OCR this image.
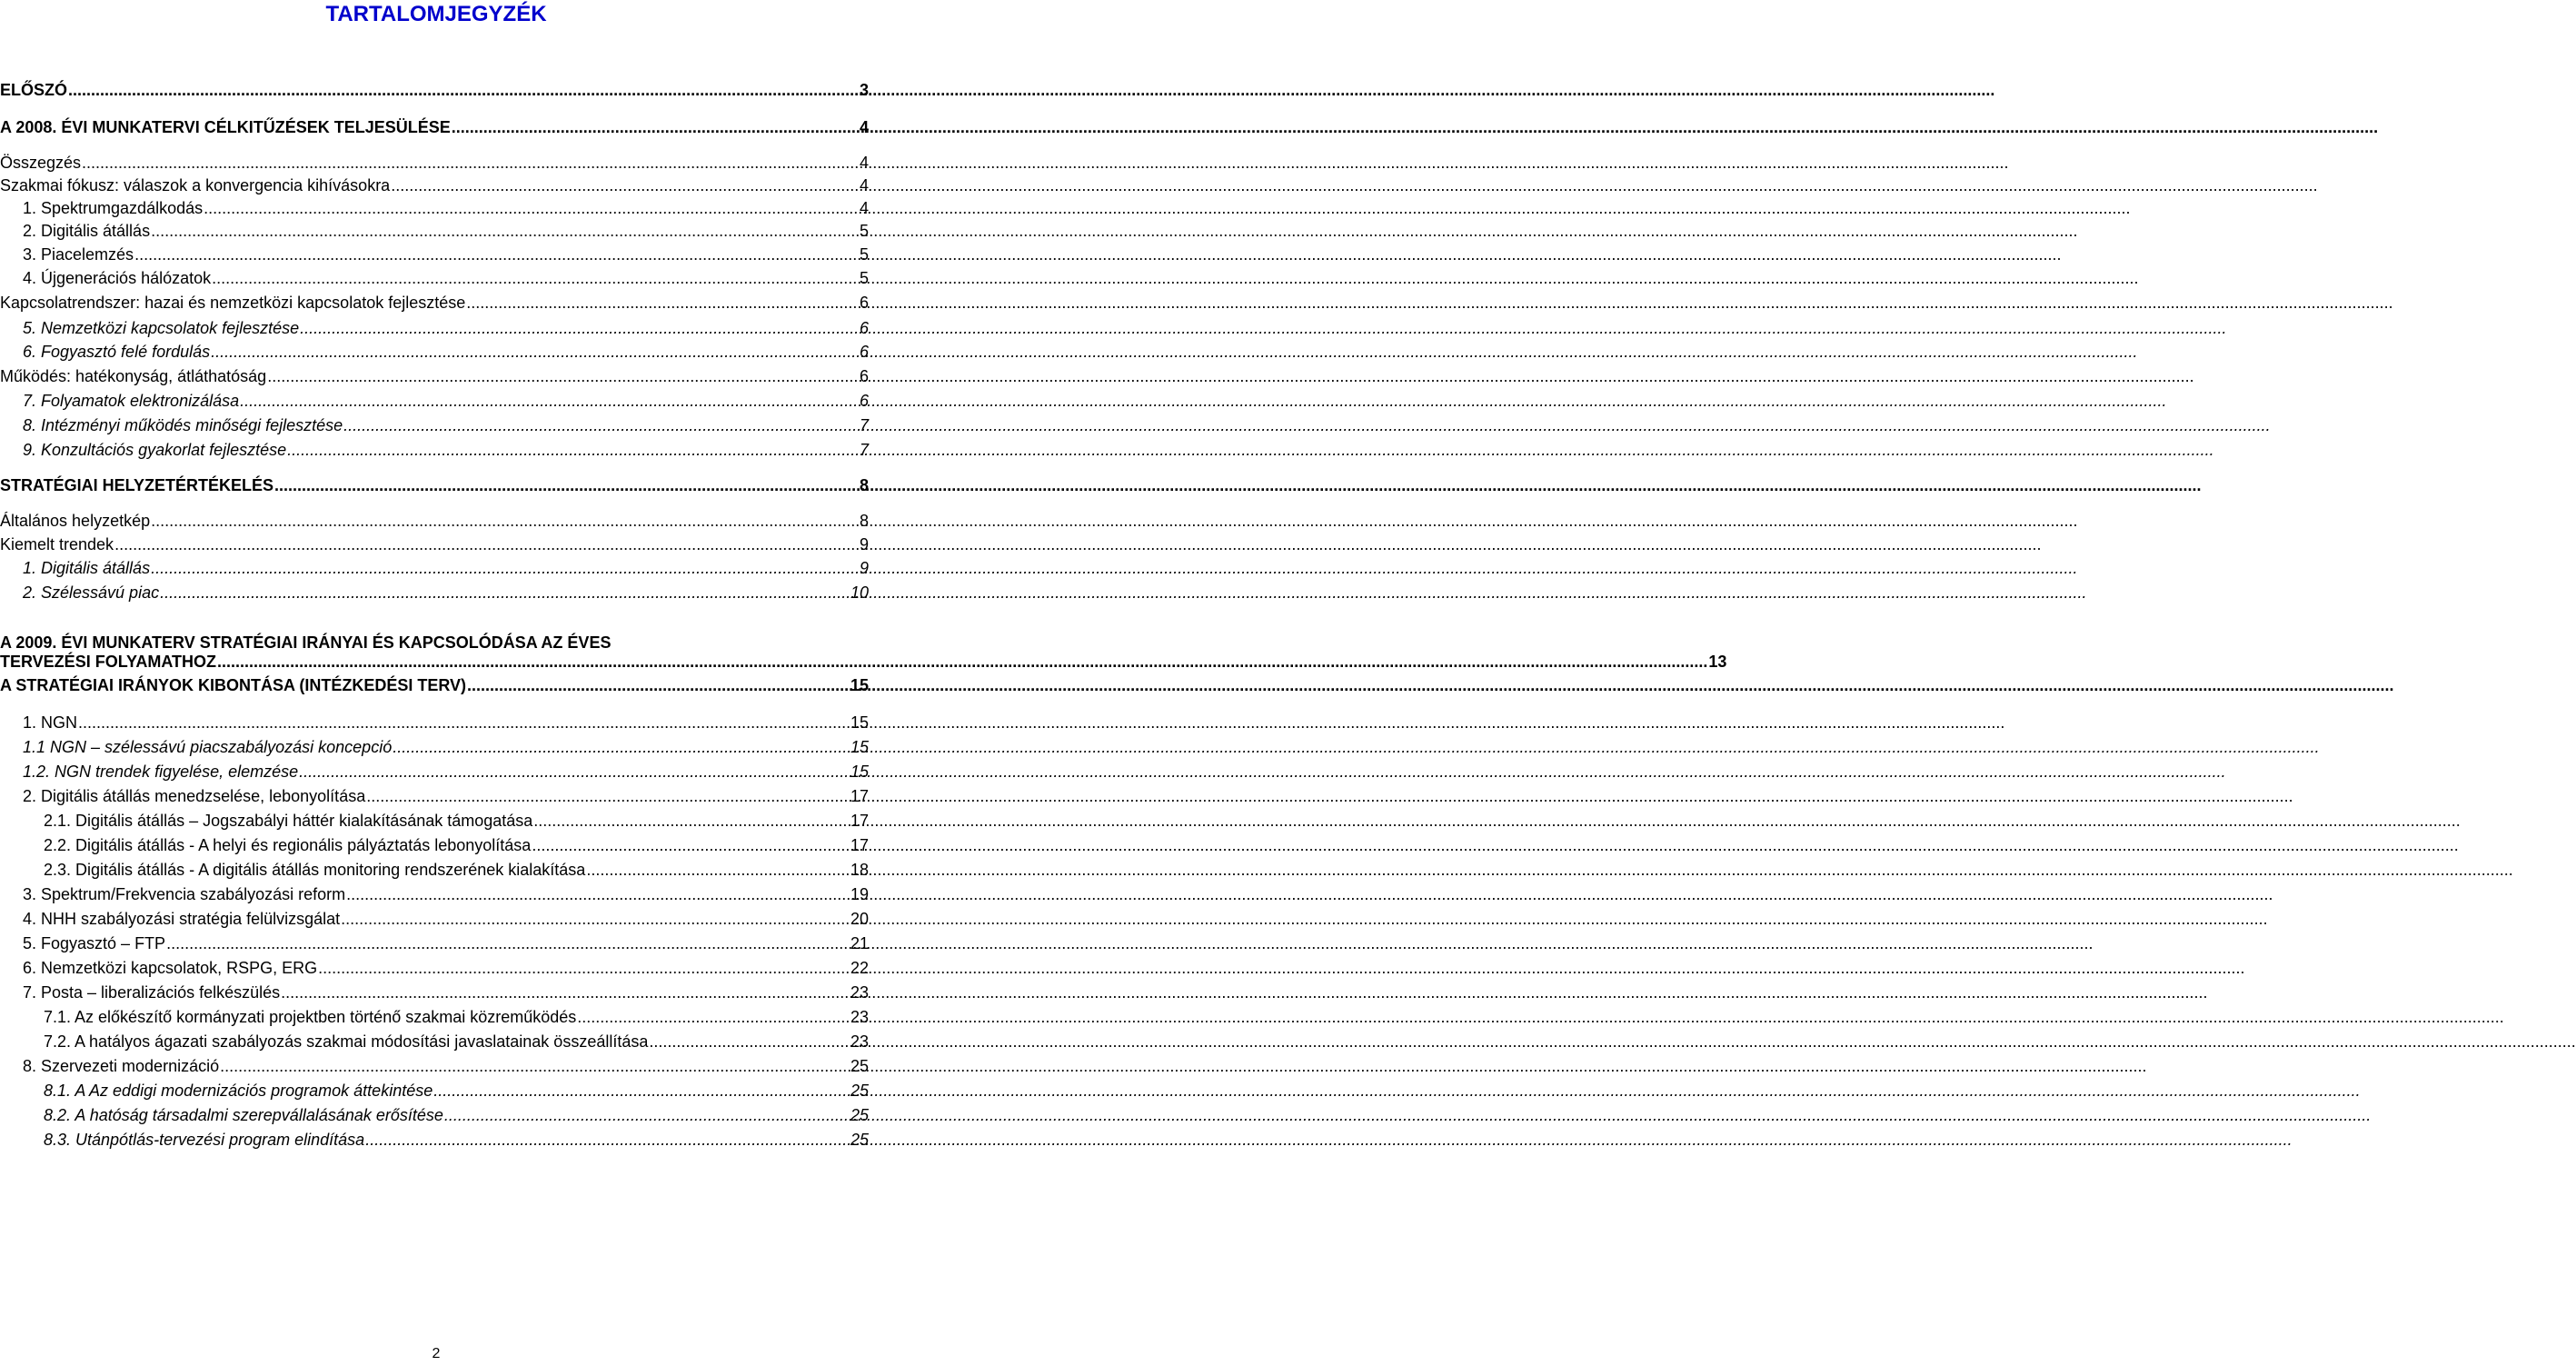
TARTALOMJEGYZÉK
A 2009. ÉVI MUNKATERV STRATÉGIAI IRÁNYAI ÉS KAPCSOLÓDÁSA AZ ÉVES
TERVEZÉSI FOLYAMATHOZ .....	13
ELŐSZÓ .....	3
A 2008. ÉVI MUNKATERVI CÉLKITŰZÉSEK TELJESÜLÉSE .....	4
Összegzés .....	4
Szakmai fókusz: válaszok a konvergencia kihívásokra .....	4
1. Spektrumgazdálkodás .....	4
2. Digitális átállás .....	5
3. Piacelemzés .....	5
4. Újgenerációs hálózatok .....	5
Kapcsolatrendszer: hazai és nemzetközi kapcsolatok fejlesztése .....	6
5. Nemzetközi kapcsolatok fejlesztése .....	6
6. Fogyasztó felé fordulás .....	6
Működés: hatékonyság, átláthatóság .....	6
7. Folyamatok elektronizálása .....	6
8. Intézményi működés minőségi fejlesztése .....	7
9. Konzultációs gyakorlat fejlesztése .....	7
STRATÉGIAI HELYZETÉRTÉKELÉS .....	8
Általános helyzetkép .....	8
Kiemelt trendek .....	9
1. Digitális átállás .....	9
2. Szélessávú piac .....	10
A STRATÉGIAI IRÁNYOK KIBONTÁSA (INTÉZKEDÉSI TERV) .....	15
1. NGN .....	15
1.1 NGN – szélessávú piacszabályozási koncepció .....	15
1.2. NGN trendek figyelése, elemzése .....	15
2. Digitális átállás menedzselése, lebonyolítása .....	17
2.1. Digitális átállás – Jogszabályi háttér kialakításának támogatása .....	17
2.2. Digitális átállás - A helyi és regionális pályáztatás lebonyolítása .....	17
2.3. Digitális átállás - A digitális átállás monitoring rendszerének kialakítása .....	18
3. Spektrum/Frekvencia szabályozási reform .....	19
4. NHH szabályozási stratégia felülvizsgálat .....	20
5. Fogyasztó – FTP .....	21
6. Nemzetközi kapcsolatok, RSPG, ERG .....	22
7. Posta – liberalizációs felkészülés .....	23
7.1. Az előkészítő kormányzati projektben történő szakmai közreműködés .....	23
7.2. A hatályos ágazati szabályozás szakmai módosítási javaslatainak összeállítása .....	23
8. Szervezeti modernizáció .....	25
8.1. A Az eddigi modernizációs programok áttekintése .....	25
8.2. A hatóság társadalmi szerepvállalásának erősítése .....	25
8.3. Utánpótlás-tervezési program elindítása .....	25
2
